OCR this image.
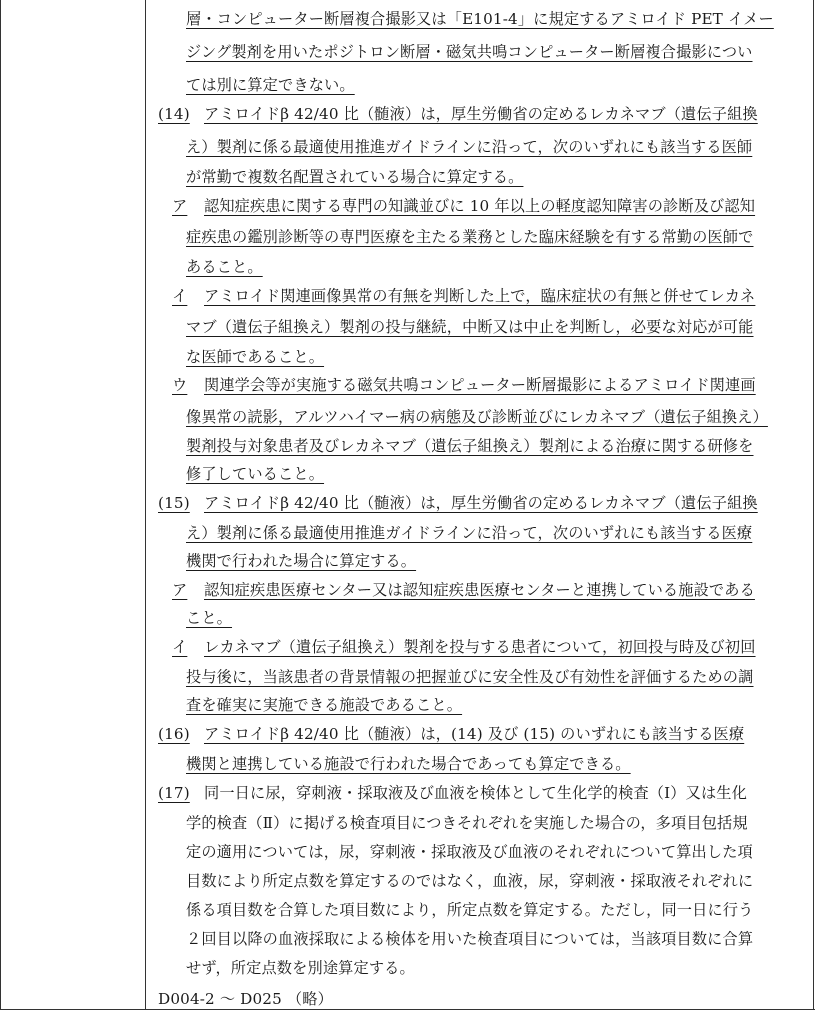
層・コンピューター断層複合撮影又は「E101-4」に規定するアミロイド PET イメー
ジング製剤を用いたポジトロン断層・磁気共鳴コンピューター断層複合撮影につい
ては別に算定できない。
(14) アミロイドβ 42/40 比（髄液）は，厚生労働省の定めるレカネマブ（遺伝子組換
え）製剤に係る最適使用推進ガイドラインに沿って，次のいずれにも該当する医師
が常勤で複数名配置されている場合に算定する。
ア 認知症疾患に関する専門の知識並びに 10 年以上の軽度認知障害の診断及び認知
症疾患の鑑別診断等の専門医療を主たる業務とした臨床経験を有する常勤の医師で
あること。
イ アミロイド関連画像異常の有無を判断した上で，臨床症状の有無と併せてレカネ
マブ（遺伝子組換え）製剤の投与継続，中断又は中止を判断し，必要な対応が可能
な医師であること。
ウ 関連学会等が実施する磁気共鳴コンピューター断層撮影によるアミロイド関連画
像異常の読影，アルツハイマー病の病態及び診断並びにレカネマブ（遺伝子組換え）
製剤投与対象患者及びレカネマブ（遺伝子組換え）製剤による治療に関する研修を
修了していること。
(15) アミロイドβ 42/40 比（髄液）は，厚生労働省の定めるレカネマブ（遺伝子組換
え）製剤に係る最適使用推進ガイドラインに沿って，次のいずれにも該当する医療
機関で行われた場合に算定する。
ア 認知症疾患医療センター又は認知症疾患医療センターと連携している施設である
こと。
イ レカネマブ（遺伝子組換え）製剤を投与する患者について，初回投与時及び初回
投与後に，当該患者の背景情報の把握並びに安全性及び有効性を評価するための調
査を確実に実施できる施設であること。
(16) アミロイドβ 42/40 比（髄液）は，(14) 及び (15) のいずれにも該当する医療
機関と連携している施設で行われた場合であっても算定できる。
(17) 同一日に尿，穿刺液・採取液及び血液を検体として生化学的検査（Ⅰ）又は生化
学的検査（Ⅱ）に掲げる検査項目につきそれぞれを実施した場合の，多項目包括規
定の適用については，尿，穿刺液・採取液及び血液のそれぞれについて算出した項
目数により所定点数を算定するのではなく，血液，尿，穿刺液・採取液それぞれに
係る項目数を合算した項目数により，所定点数を算定する。ただし，同一日に行う
２回目以降の血液採取による検体を用いた検査項目については，当該項目数に合算
せず，所定点数を別途算定する。
D004-2 ～ D025 （略）
